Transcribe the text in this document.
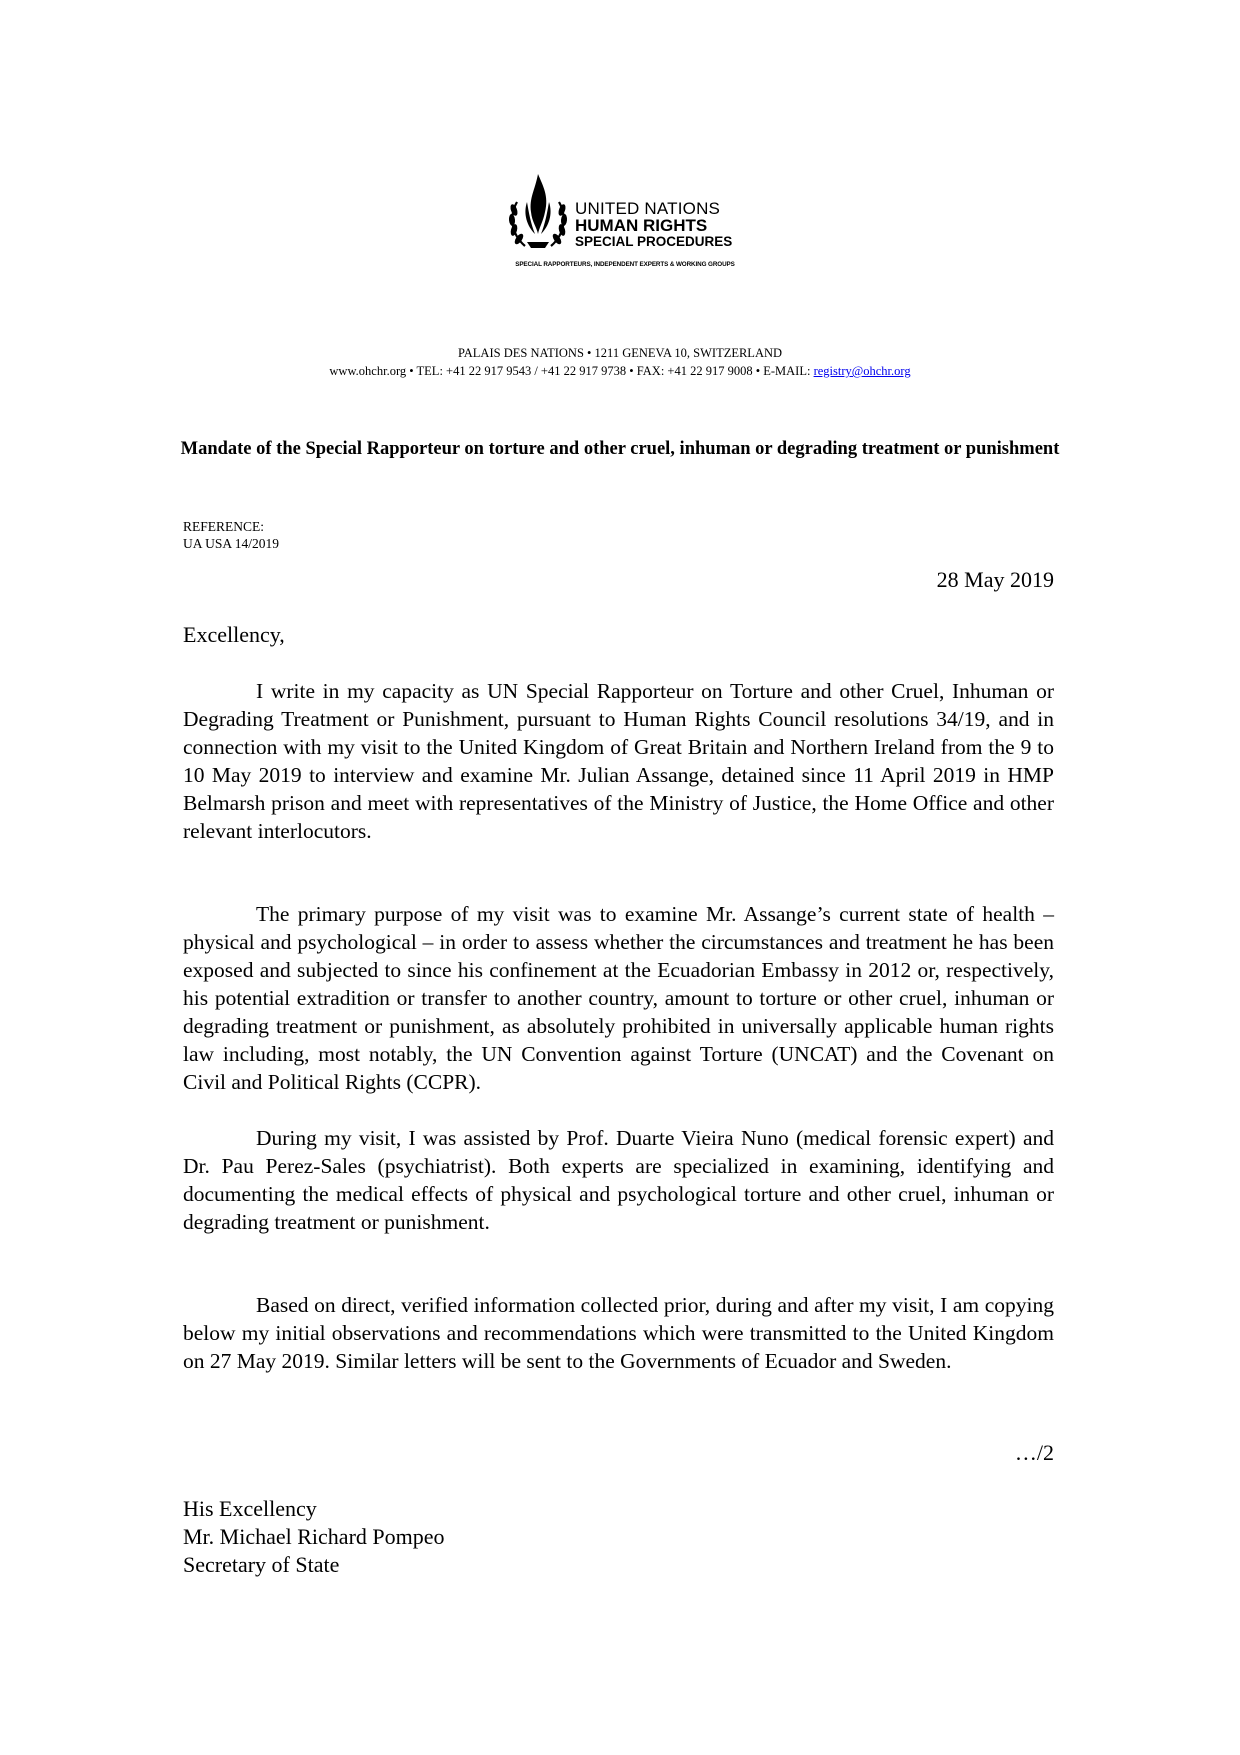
UNITED NATIONS
HUMAN RIGHTS
SPECIAL PROCEDURES
SPECIAL RAPPORTEURS, INDEPENDENT EXPERTS & WORKING GROUPS
PALAIS DES NATIONS • 1211 GENEVA 10, SWITZERLAND
www.ohchr.org • TEL: +41 22 917 9543 / +41 22 917 9738 • FAX: +41 22 917 9008 • E-MAIL: registry@ohchr.org
Mandate of the Special Rapporteur on torture and other cruel, inhuman or degrading treatment or punishment
REFERENCE:
UA USA 14/2019
28 May 2019
Excellency,

I write in my capacity as UN Special Rapporteur on Torture and other Cruel, Inhuman or Degrading Treatment or Punishment, pursuant to Human Rights Council resolutions 34/19, and in connection with my visit to the United Kingdom of Great Britain and Northern Ireland from the 9 to 10 May 2019 to interview and examine Mr. Julian Assange, detained since 11 April 2019 in HMP Belmarsh prison and meet with representatives of the Ministry of Justice, the Home Office and other relevant interlocutors.

The primary purpose of my visit was to examine Mr. Assange’s current state of health – physical and psychological – in order to assess whether the circumstances and treatment he has been exposed and subjected to since his confinement at the Ecuadorian Embassy in 2012 or, respectively, his potential extradition or transfer to another country, amount to torture or other cruel, inhuman or degrading treatment or punishment, as absolutely prohibited in universally applicable human rights law including, most notably, the UN Convention against Torture (UNCAT) and the Covenant on Civil and Political Rights (CCPR).

During my visit, I was assisted by Prof. Duarte Vieira Nuno (medical forensic expert) and Dr. Pau Perez-Sales (psychiatrist). Both experts are specialized in examining, identifying and documenting the medical effects of physical and psychological torture and other cruel, inhuman or degrading treatment or punishment.

Based on direct, verified information collected prior, during and after my visit, I am copying below my initial observations and recommendations which were transmitted to the United Kingdom on 27 May 2019. Similar letters will be sent to the Governments of Ecuador and Sweden.

…/2
His Excellency
Mr. Michael Richard Pompeo
Secretary of State
